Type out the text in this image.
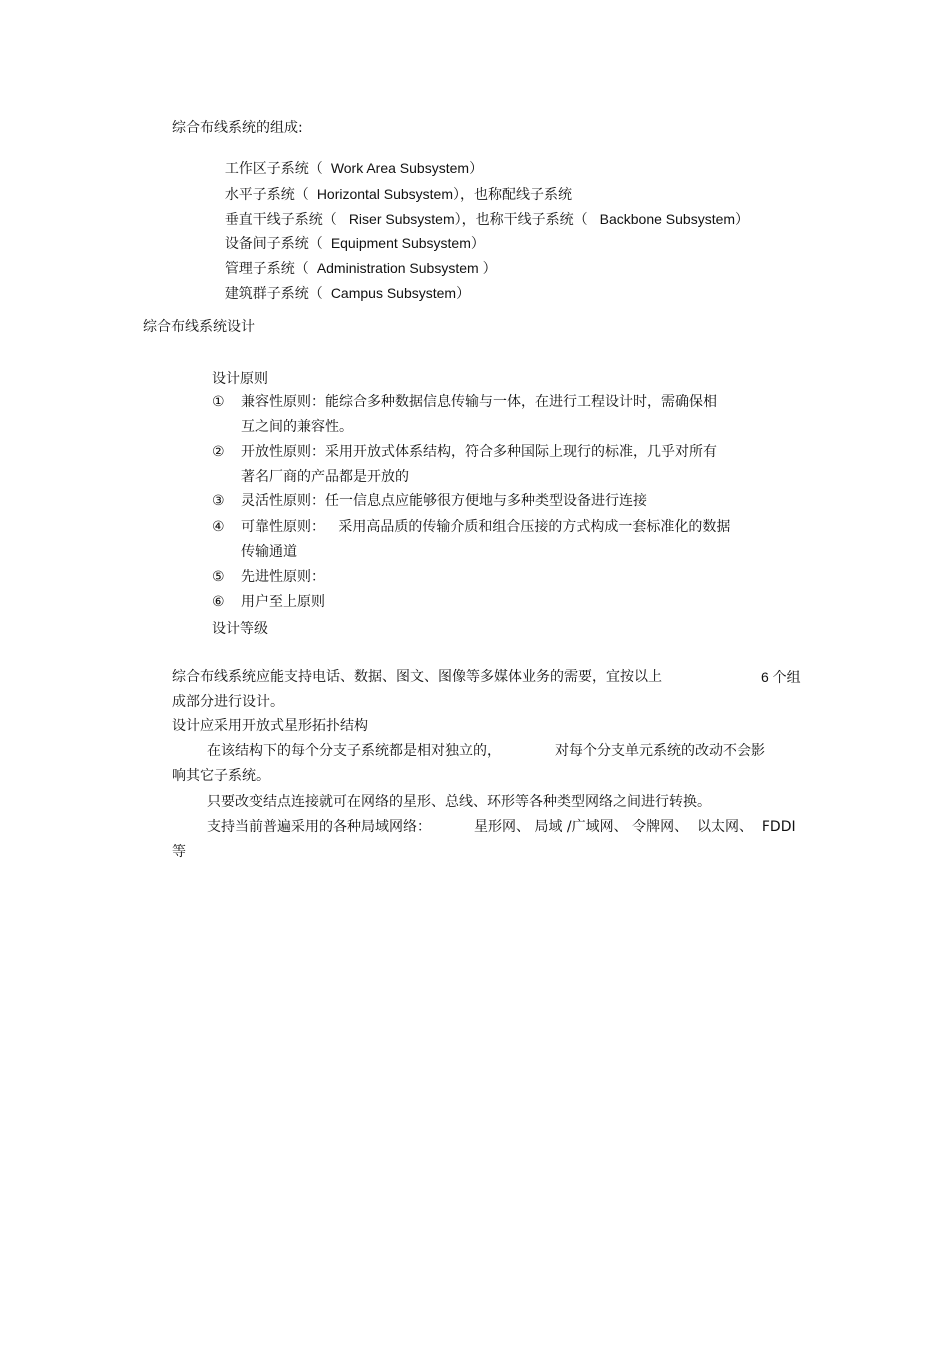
综合布线系统的组成:

工作区子系统（ Work Area Subsystem）

水平子系统（ Horizontal Subsystem），也称配线子系统

垂直干线子系统（ Riser Subsystem），也称干线子系统（ Backbone Subsystem）

设备间子系统（ Equipment Subsystem）

管理子系统（ Administration Subsystem ）

建筑群子系统（ Campus Subsystem）

综合布线系统设计
设计原则
① 兼容性原则：能综合多种数据信息传输与一体，在进行工程设计时，需确保相
互之间的兼容性。
② 开放性原则：采用开放式体系结构，符合多种国际上现行的标准，几乎对所有
著名厂商的产品都是开放的
③ 灵活性原则：任一信息点应能够很方便地与多种类型设备进行连接
④ 可靠性原则：   采用高品质的传输介质和组合压接的方式构成一套标准化的数据
传输通道
⑤ 先进性原则：
⑥ 用户至上原则
设计等级
综合布线系统应能支持电话、数据、图文、图像等多媒体业务的需要，宜按以上	6 个组
成部分进行设计。
设计应采用开放式星形拓扑结构
在该结构下的每个分支子系统都是相对独立的，	对每个分支单元系统的改动不会影
响其它子系统。
只要改变结点连接就可在网络的星形、总线、环形等各种类型网络之间进行转换。
支持当前普遍采用的各种局域网络：	星形网、 局域 /广域网、 令牌网、  以太网、  FDDI
等
